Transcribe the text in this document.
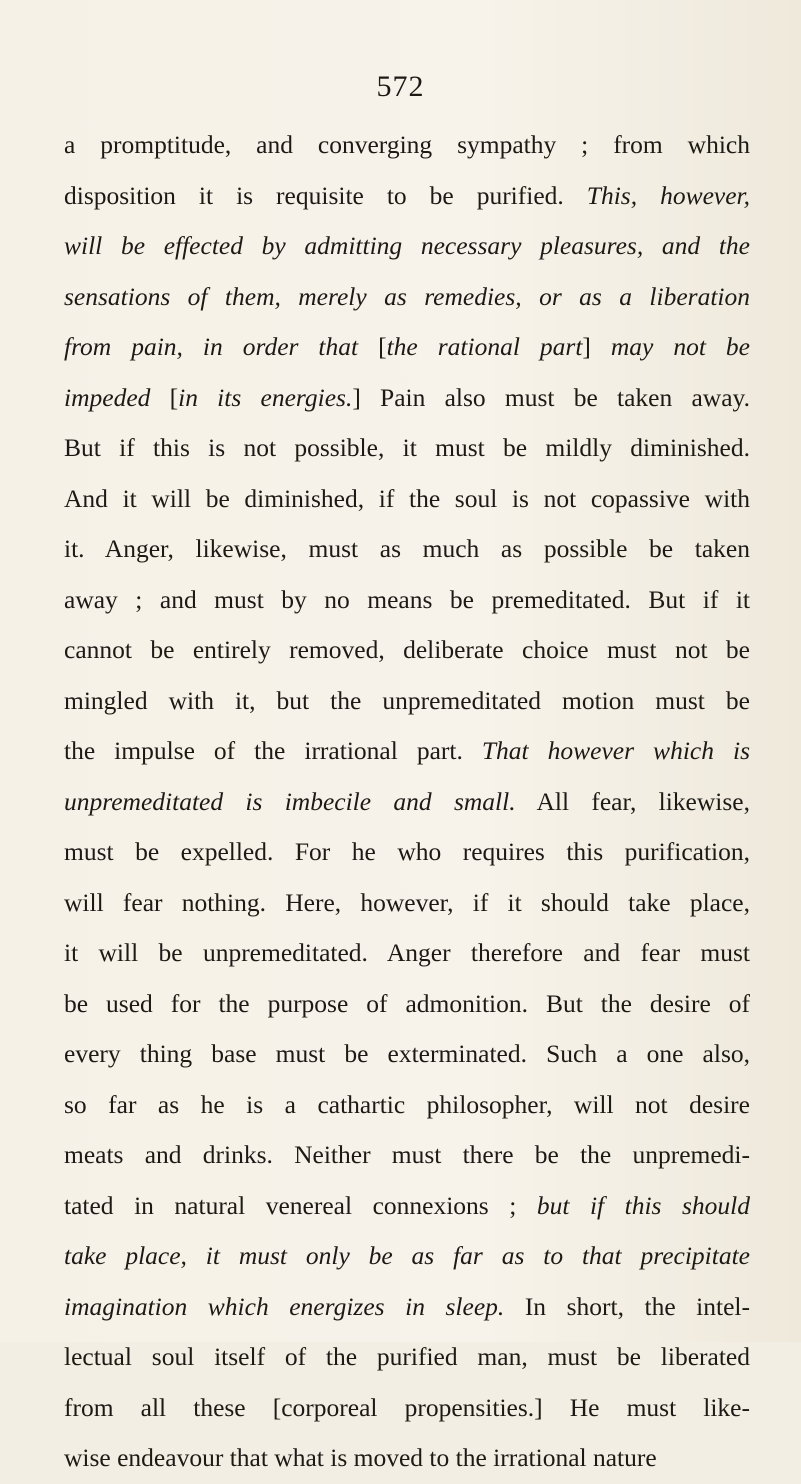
572
a promptitude, and converging sympathy ; from which
disposition it is requisite to be purified. This, however,
will be effected by admitting necessary pleasures, and the
sensations of them, merely as remedies, or as a liberation
from pain, in order that [the rational part] may not be
impeded [in its energies.] Pain also must be taken away.
But if this is not possible, it must be mildly diminished.
And it will be diminished, if the soul is not copassive with
it. Anger, likewise, must as much as possible be taken
away ; and must by no means be premeditated. But if it
cannot be entirely removed, deliberate choice must not be
mingled with it, but the unpremeditated motion must be
the impulse of the irrational part. That however which is
unpremeditated is imbecile and small. All fear, likewise,
must be expelled. For he who requires this purification,
will fear nothing. Here, however, if it should take place,
it will be unpremeditated. Anger therefore and fear must
be used for the purpose of admonition. But the desire of
every thing base must be exterminated. Such a one also,
so far as he is a cathartic philosopher, will not desire
meats and drinks. Neither must there be the unpremedi-
tated in natural venereal connexions ; but if this should
take place, it must only be as far as to that precipitate
imagination which energizes in sleep. In short, the intel-
lectual soul itself of the purified man, must be liberated
from all these [corporeal propensities.] He must like-
wise endeavour that what is moved to the irrational nature
